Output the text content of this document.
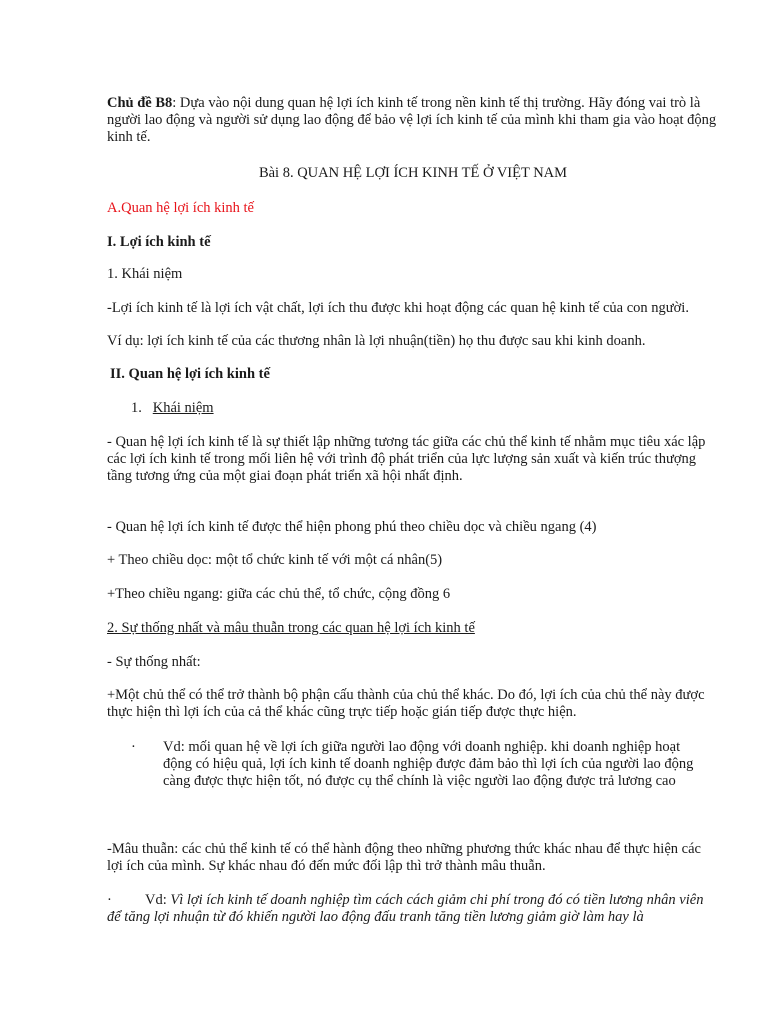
Chủ đề B8: Dựa vào nội dung quan hệ lợi ích kinh tế trong nền kinh tế thị trường. Hãy đóng vai trò là người lao động và người sử dụng lao động để bảo vệ lợi ích kinh tế của mình khi tham gia vào hoạt động kinh tế.

Bài 8. QUAN HỆ LỢI ÍCH KINH TẾ Ở VIỆT NAM

A.Quan hệ lợi ích kinh tế

I. Lợi ích kinh tế

1. Khái niệm

-Lợi ích kinh tế là lợi ích vật chất, lợi ích thu được khi hoạt động các quan hệ kinh tế của con người.

Ví dụ: lợi ích kinh tế của các thương nhân là lợi nhuận(tiền) họ thu được sau khi kinh doanh.

II. Quan hệ lợi ích kinh tế

1. Khái niệm

- Quan hệ lợi ích kinh tế là sự thiết lập những tương tác giữa các chủ thể kinh tế nhằm mục tiêu xác lập các lợi ích kinh tế trong mối liên hệ với trình độ phát triển của lực lượng sản xuất và kiến trúc thượng tầng tương ứng của một giai đoạn phát triển xã hội nhất định.

- Quan hệ lợi ích kinh tế được thể hiện phong phú theo chiều dọc và chiều ngang (4)

+ Theo chiều dọc: một tổ chức kinh tế với một cá nhân(5)

+Theo chiều ngang: giữa các chủ thể, tổ chức, cộng đồng 6

2. Sự thống nhất và mâu thuẫn trong các quan hệ lợi ích kinh tế

- Sự thống nhất:

+Một chủ thể có thể trở thành bộ phận cấu thành của chủ thể khác. Do đó, lợi ích của chủ thể này được thực hiện thì lợi ích của cả thể khác cũng trực tiếp hoặc gián tiếp được thực hiện.

· Vd: mối quan hệ về lợi ích giữa người lao động với doanh nghiệp. khi doanh nghiệp hoạt động có hiệu quả, lợi ích kinh tế doanh nghiệp được đảm bảo thì lợi ích của người lao động càng được thực hiện tốt, nó được cụ thể chính là việc người lao động được trả lương cao

-Mâu thuẫn: các chủ thể kinh tế có thể hành động theo những phương thức khác nhau để thực hiện các lợi ích của mình. Sự khác nhau đó đến mức đối lập thì trở thành mâu thuẫn.

·	Vd: Vì lợi ích kinh tế doanh nghiệp tìm cách cách giảm chi phí trong đó có tiền lương nhân viên để tăng lợi nhuận từ đó khiến người lao động đấu tranh tăng tiền lương giảm giờ làm hay là
